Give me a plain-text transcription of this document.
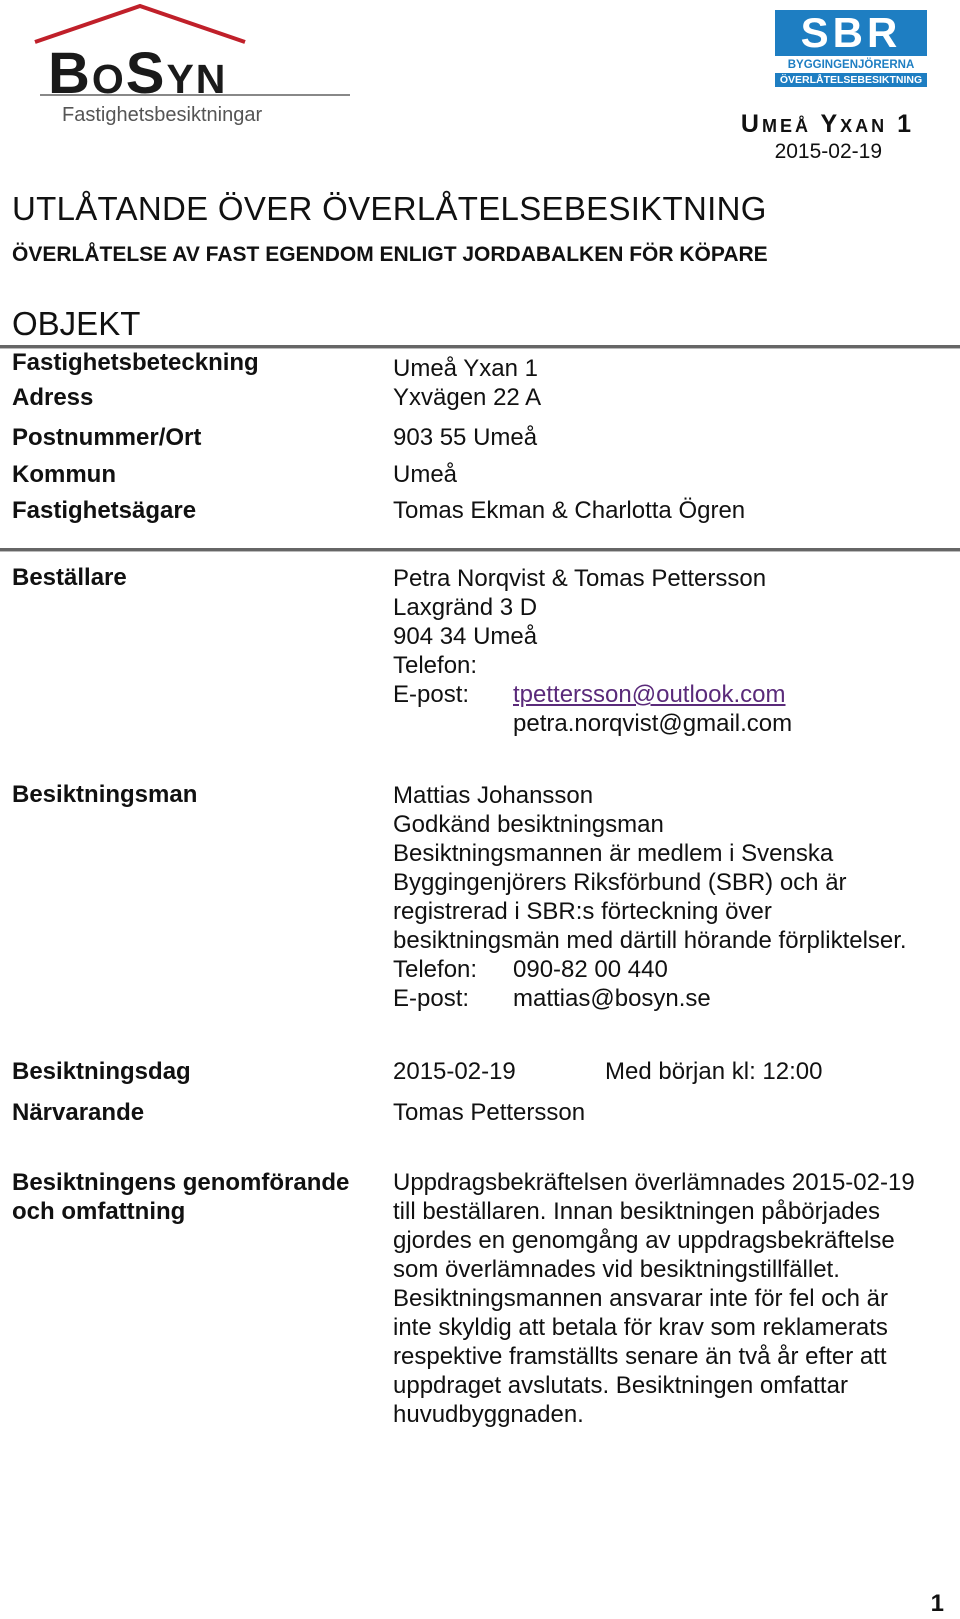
BoSyn
Fastighetsbesiktningar
SBR
BYGGINGENJÖRERNA
ÖVERLÅTELSEBESIKTNING
Umeå Yxan 1
2015-02-19
UTLÅTANDE ÖVER ÖVERLÅTELSEBESIKTNING
ÖVERLÅTELSE AV FAST EGENDOM ENLIGT JORDABALKEN FÖR KÖPARE
OBJEKT
Fastighetsbeteckning	Umeå Yxan 1
Adress	Yxvägen 22 A
Postnummer/Ort	903 55 Umeå
Kommun	Umeå
Fastighetsägare	Tomas Ekman & Charlotta Ögren
Beställare	Petra Norqvist & Tomas Pettersson
Laxgränd 3 D
904 34 Umeå
Telefon:
E-post: tpettersson@outlook.com
petra.norqvist@gmail.com
Besiktningsman	Mattias Johansson
Godkänd besiktningsman
Besiktningsmannen är medlem i Svenska
Byggingenjörers Riksförbund (SBR) och är
registrerad i SBR:s förteckning över
besiktningsmän med därtill hörande förpliktelser.
Telefon: 090-82 00 440
E-post: mattias@bosyn.se
Besiktningsdag	2015-02-19	Med början kl: 12:00
Närvarande	Tomas Pettersson
Besiktningens genomförande
och omfattning
Uppdragsbekräftelsen överlämnades 2015-02-19
till beställaren. Innan besiktningen påbörjades
gjordes en genomgång av uppdragsbekräftelse
som överlämnades vid besiktningstillfället.
Besiktningsmannen ansvarar inte för fel och är
inte skyldig att betala för krav som reklamerats
respektive framställts senare än två år efter att
uppdraget avslutats. Besiktningen omfattar
huvudbyggnaden.
1
